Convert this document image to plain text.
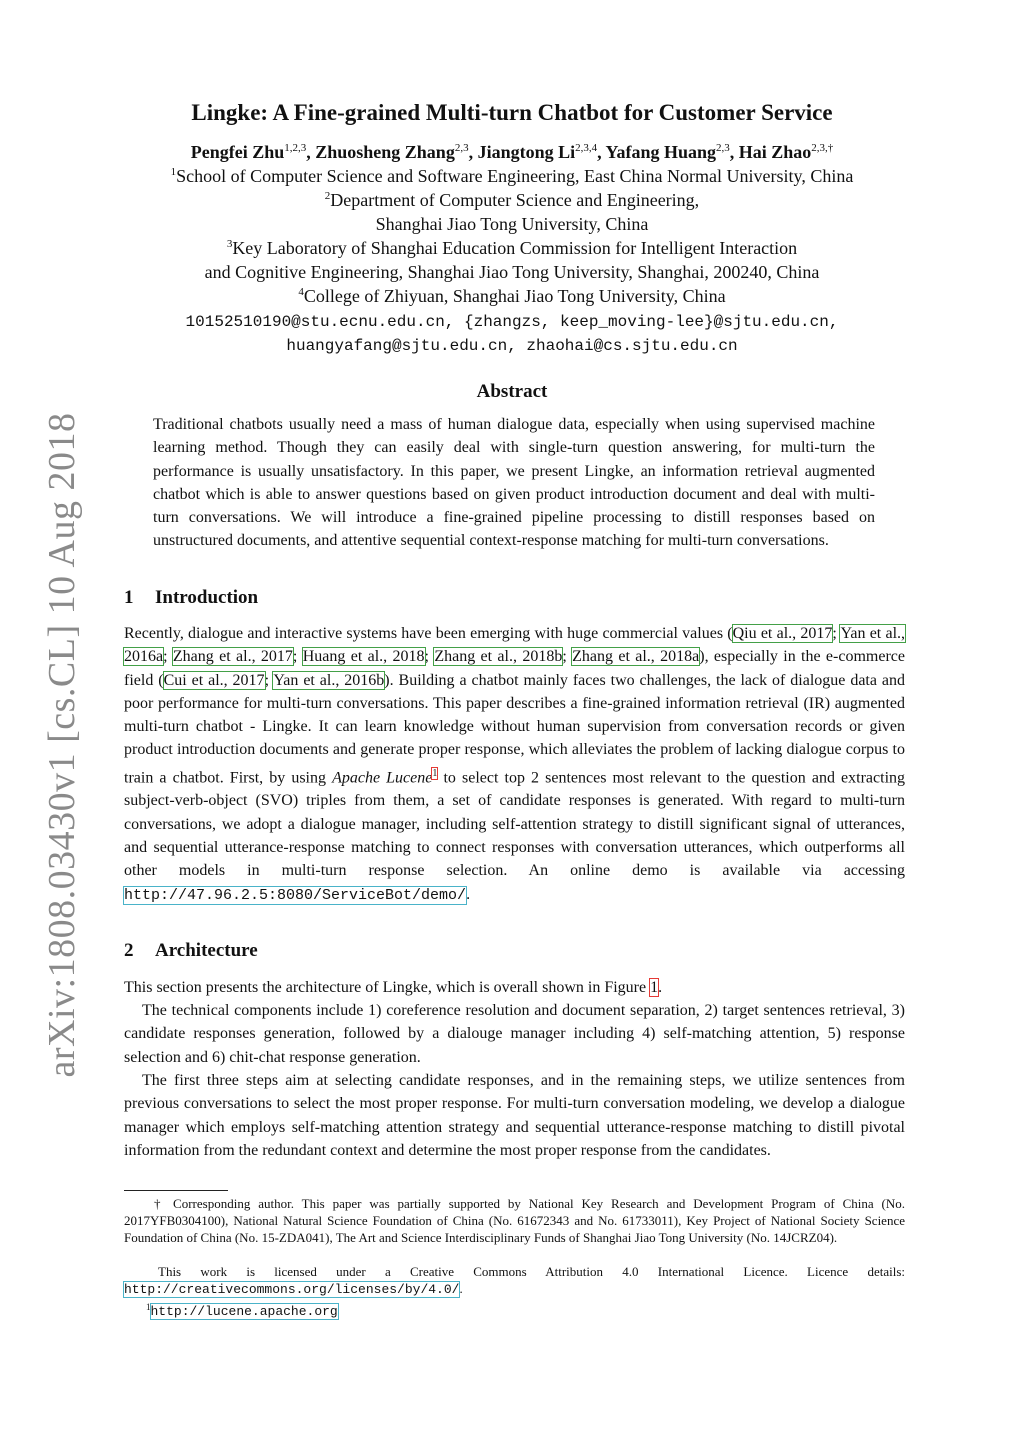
arXiv:1808.03430v1 [cs.CL] 10 Aug 2018
Lingke: A Fine-grained Multi-turn Chatbot for Customer Service
Pengfei Zhu$^{1,2,3}$, Zhuosheng Zhang$^{2,3}$, Jiangtong Li$^{2,3,4}$, Yafang Huang$^{2,3}$, Hai Zhao$^{2,3,\dagger}$
$^1$School of Computer Science and Software Engineering, East China Normal University, China
$^2$Department of Computer Science and Engineering,
Shanghai Jiao Tong University, China
$^3$Key Laboratory of Shanghai Education Commission for Intelligent Interaction
and Cognitive Engineering, Shanghai Jiao Tong University, Shanghai, 200240, China
$^4$College of Zhiyuan, Shanghai Jiao Tong University, China
10152510190@stu.ecnu.edu.cn, {zhangzs, keep_moving-lee}@sjtu.edu.cn,
huangyafang@sjtu.edu.cn, zhaohai@cs.sjtu.edu.cn
Abstract
Traditional chatbots usually need a mass of human dialogue data, especially when using supervised machine learning method. Though they can easily deal with single-turn question answering, for multi-turn the performance is usually unsatisfactory. In this paper, we present Lingke, an information retrieval augmented chatbot which is able to answer questions based on given product introduction document and deal with multi-turn conversations. We will introduce a fine-grained pipeline processing to distill responses based on unstructured documents, and attentive sequential context-response matching for multi-turn conversations.
1 Introduction
Recently, dialogue and interactive systems have been emerging with huge commercial values (Qiu et al., 2017; Yan et al., 2016a; Zhang et al., 2017; Huang et al., 2018; Zhang et al., 2018b; Zhang et al., 2018a), especially in the e-commerce field (Cui et al., 2017; Yan et al., 2016b). Building a chatbot mainly faces two challenges, the lack of dialogue data and poor performance for multi-turn conversations. This paper describes a fine-grained information retrieval (IR) augmented multi-turn chatbot - Lingke. It can learn knowledge without human supervision from conversation records or given product introduction documents and generate proper response, which alleviates the problem of lacking dialogue corpus to train a chatbot. First, by using Apache Lucene$^1$ to select top 2 sentences most relevant to the question and extracting subject-verb-object (SVO) triples from them, a set of candidate responses is generated. With regard to multi-turn conversations, we adopt a dialogue manager, including self-attention strategy to distill significant signal of utterances, and sequential utterance-response matching to connect responses with conversation utterances, which outperforms all other models in multi-turn response selection. An online demo is available via accessing http://47.96.2.5:8080/ServiceBot/demo/.
2 Architecture
This section presents the architecture of Lingke, which is overall shown in Figure 1.
The technical components include 1) coreference resolution and document separation, 2) target sentences retrieval, 3) candidate responses generation, followed by a dialouge manager including 4) self-matching attention, 5) response selection and 6) chit-chat response generation.
The first three steps aim at selecting candidate responses, and in the remaining steps, we utilize sentences from previous conversations to select the most proper response. For multi-turn conversation modeling, we develop a dialogue manager which employs self-matching attention strategy and sequential utterance-response matching to distill pivotal information from the redundant context and determine the most proper response from the candidates.
† Corresponding author. This paper was partially supported by National Key Research and Development Program of China (No. 2017YFB0304100), National Natural Science Foundation of China (No. 61672343 and No. 61733011), Key Project of National Society Science Foundation of China (No. 15-ZDA041), The Art and Science Interdisciplinary Funds of Shanghai Jiao Tong University (No. 14JCRZ04).
This work is licensed under a Creative Commons Attribution 4.0 International Licence. Licence details: http://creativecommons.org/licenses/by/4.0/.
$^1$http://lucene.apache.org
